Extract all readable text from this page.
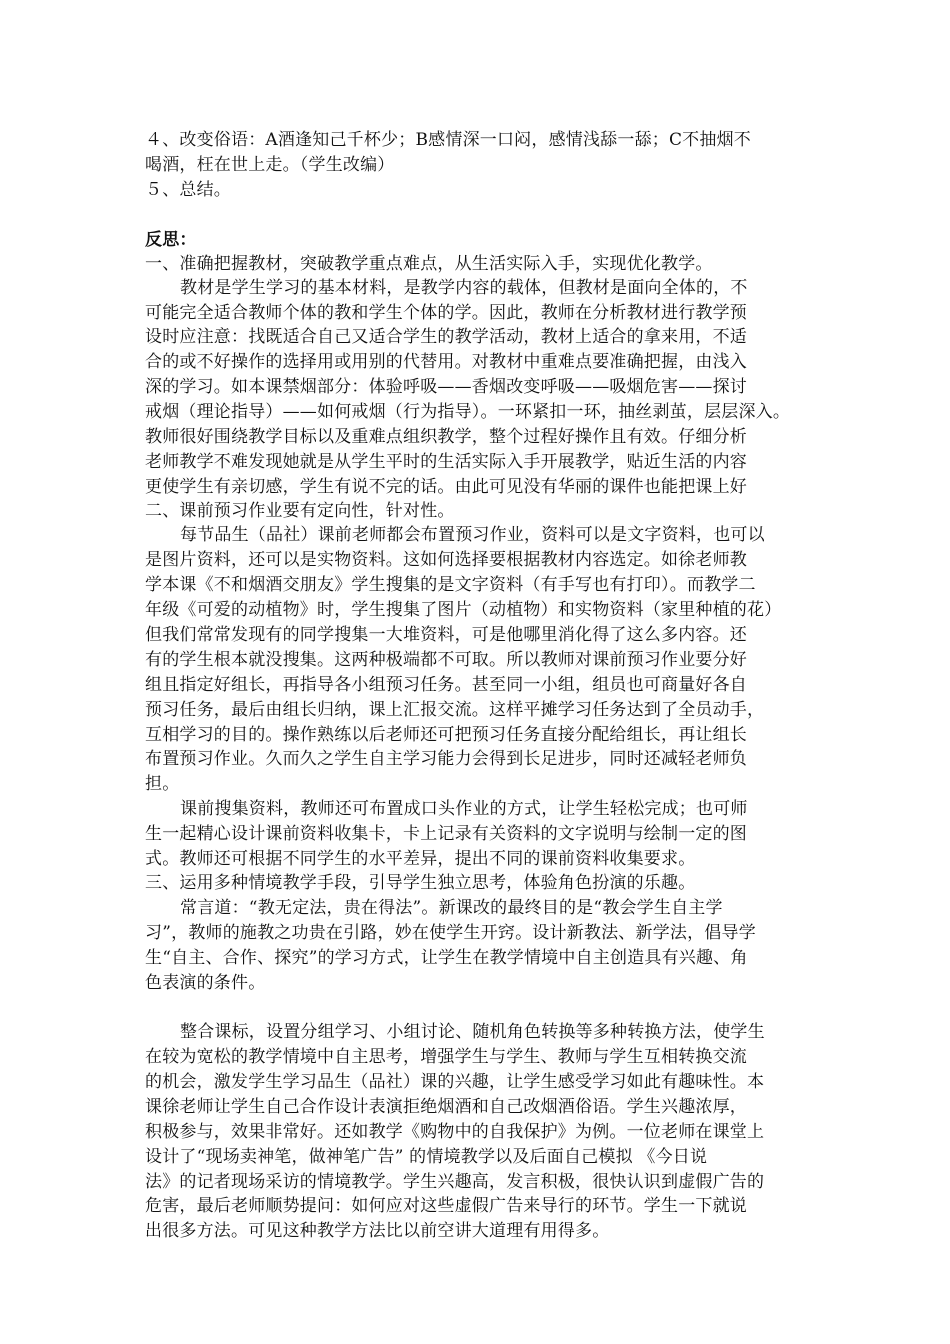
４、改变俗语：A酒逢知己千杯少；B感情深一口闷，感情浅舔一舔；C不抽烟不
喝酒，枉在世上走。（学生改编）
５、总结。
反思：
一、准确把握教材，突破教学重点难点，从生活实际入手，实现优化教学。
教材是学生学习的基本材料，是教学内容的载体，但教材是面向全体的，不
可能完全适合教师个体的教和学生个体的学。因此，教师在分析教材进行教学预
设时应注意：找既适合自己又适合学生的教学活动，教材上适合的拿来用，不适
合的或不好操作的选择用或用别的代替用。对教材中重难点要准确把握，由浅入
深的学习。如本课禁烟部分：体验呼吸——香烟改变呼吸——吸烟危害——探讨
戒烟（理论指导）——如何戒烟（行为指导）。一环紧扣一环，抽丝剥茧，层层深入。
教师很好围绕教学目标以及重难点组织教学，整个过程好操作且有效。仔细分析
老师教学不难发现她就是从学生平时的生活实际入手开展教学，贴近生活的内容
更使学生有亲切感，学生有说不完的话。由此可见没有华丽的课件也能把课上好
二、课前预习作业要有定向性，针对性。
每节品生（品社）课前老师都会布置预习作业，资料可以是文字资料，也可以
是图片资料，还可以是实物资料。这如何选择要根据教材内容选定。如徐老师教
学本课《不和烟酒交朋友》学生搜集的是文字资料（有手写也有打印）。而教学二
年级《可爱的动植物》时，学生搜集了图片（动植物）和实物资料（家里种植的花）
但我们常常发现有的同学搜集一大堆资料，可是他哪里消化得了这么多内容。还
有的学生根本就没搜集。这两种极端都不可取。所以教师对课前预习作业要分好
组且指定好组长，再指导各小组预习任务。甚至同一小组，组员也可商量好各自
预习任务，最后由组长归纳，课上汇报交流。这样平摊学习任务达到了全员动手，
互相学习的目的。操作熟练以后老师还可把预习任务直接分配给组长，再让组长
布置预习作业。久而久之学生自主学习能力会得到长足进步，同时还减轻老师负
担。
课前搜集资料，教师还可布置成口头作业的方式，让学生轻松完成；也可师
生一起精心设计课前资料收集卡，卡上记录有关资料的文字说明与绘制一定的图
式。教师还可根据不同学生的水平差异，提出不同的课前资料收集要求。
三、运用多种情境教学手段，引导学生独立思考，体验角色扮演的乐趣。
常言道：“教无定法，贵在得法”。新课改的最终目的是“教会学生自主学
习”，教师的施教之功贵在引路，妙在使学生开窍。设计新教法、新学法，倡导学
生“自主、合作、探究”的学习方式，让学生在教学情境中自主创造具有兴趣、角
色表演的条件。
整合课标，设置分组学习、小组讨论、随机角色转换等多种转换方法，使学生
在较为宽松的教学情境中自主思考，增强学生与学生、教师与学生互相转换交流
的机会，激发学生学习品生（品社）课的兴趣，让学生感受学习如此有趣味性。本
课徐老师让学生自己合作设计表演拒绝烟酒和自己改烟酒俗语。学生兴趣浓厚，
积极参与，效果非常好。还如教学《购物中的自我保护》为例。一位老师在课堂上
设计了“现场卖神笔，做神笔广告” 的情境教学以及后面自己模拟 《今日说
法》的记者现场采访的情境教学。学生兴趣高，发言积极，很快认识到虚假广告的
危害，最后老师顺势提问：如何应对这些虚假广告来导行的环节。学生一下就说
出很多方法。可见这种教学方法比以前空讲大道理有用得多。
